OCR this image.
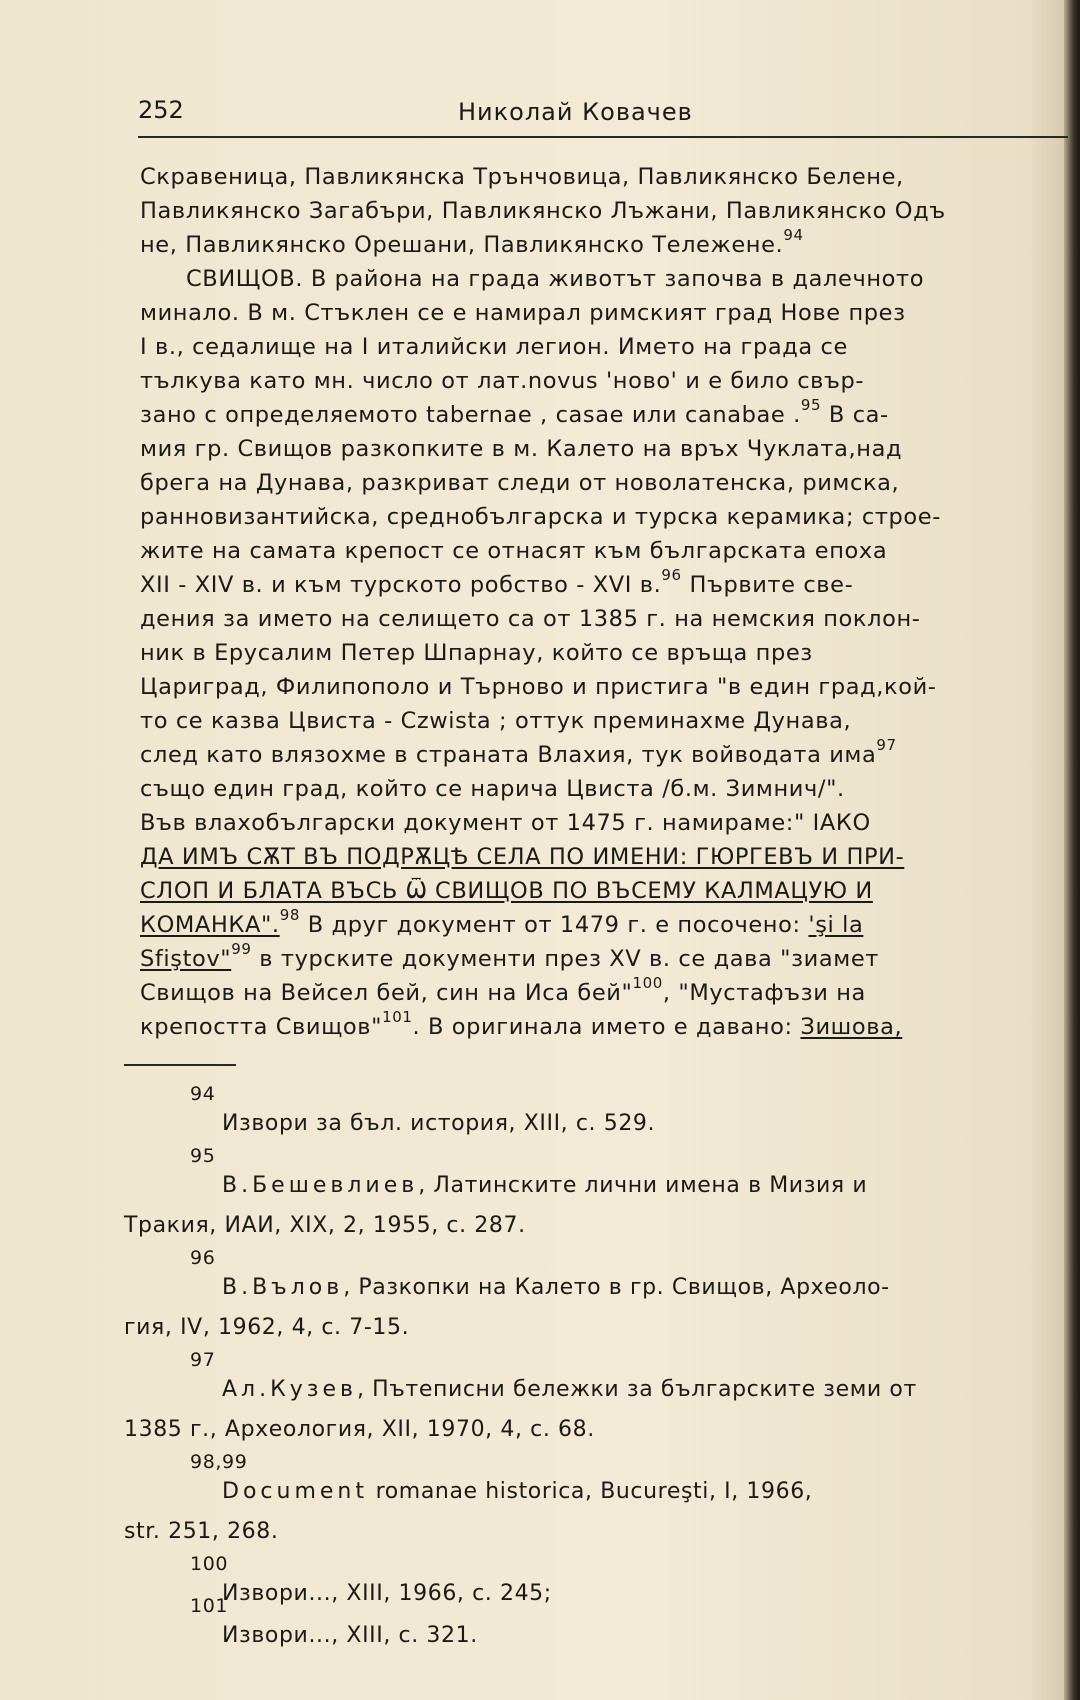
252	Николай Ковачев
Скравеница, Павликянска Трънчовица, Павликянско Белене,
Павликянско Загабъри, Павликянско Лъжани, Павликянско Одъ
не, Павликянско Орешани, Павликянско Тележене.$^{94}$
СВИЩОВ. В района на града животът започва в далечното
минало. В м. Стъклен се е намирал римският град Нове през
I в., седалище на I италийски легион. Името на града се
тълкува като мн. число от лат.novus 'ново' и е било свър-
зано с определяемото tabernae , casae или canabae .$^{95}$ В са-
мия гр. Свищов разкопките в м. Калето на връх Чуклата,над
брега на Дунава, разкриват следи от новолатенска, римска,
ранновизантийска, среднобългарска и турска керамика; строе-
жите на самата крепост се отнасят към българската епоха
XII - XIV в. и към турското робство - XVI в.$^{96}$ Първите све-
дения за името на селището са от 1385 г. на немския поклон-
ник в Ерусалим Петер Шпарнау, който се връща през
Цариград, Филипополо и Търново и пристига "в един град,кой-
то се казва Цвиста - Czwista ; оттук преминахме Дунава,
след като влязохме в страната Влахия, тук войводата има$^{97}$
също един град, който се нарича Цвиста /б.м. Зимнич/".
Във влахобългарски документ от 1475 г. намираме:" IАКО
ДА ИМЪ СѪТ ВЪ ПОДРѪЦѢ СЕЛА ПО ИМЕНИ: ГЮРГЕВЪ И ПРИ-
СЛОП И БЛАТА ВЪСЬ Ѿ СВИЩОВ ПО ВЪСЕМУ КАЛМАЦУЮ И
КОМАНКА".$^{98}$ В друг документ от 1479 г. е посочено: 'şi la
Sfiştov"$^{99}$ в турските документи през XV в. се дава "зиамет
Свищов на Вейсел бей, син на Иса бей"$^{100}$, "Мустафъзи на
крепостта Свищов"$^{101}$. В оригинала името е давано: Зишова,
94
Извори за бъл. история, XIII, с. 529.
95
В.Бешевлиев, Латинските лични имена в Мизия и
Тракия, ИАИ, XIX, 2, 1955, с. 287.
96
В.Вълов, Разкопки на Калето в гр. Свищов, Археоло-
гия, IV, 1962, 4, с. 7-15.
97
Ал.Кузев, Пътеписни бележки за българските земи от
1385 г., Археология, XII, 1970, 4, с. 68.
98,99
Document romanae historica, Bucureşti, I, 1966,
str. 251, 268.
100
Извори..., XIII, 1966, с. 245;
101
Извори..., XIII, с. 321.
